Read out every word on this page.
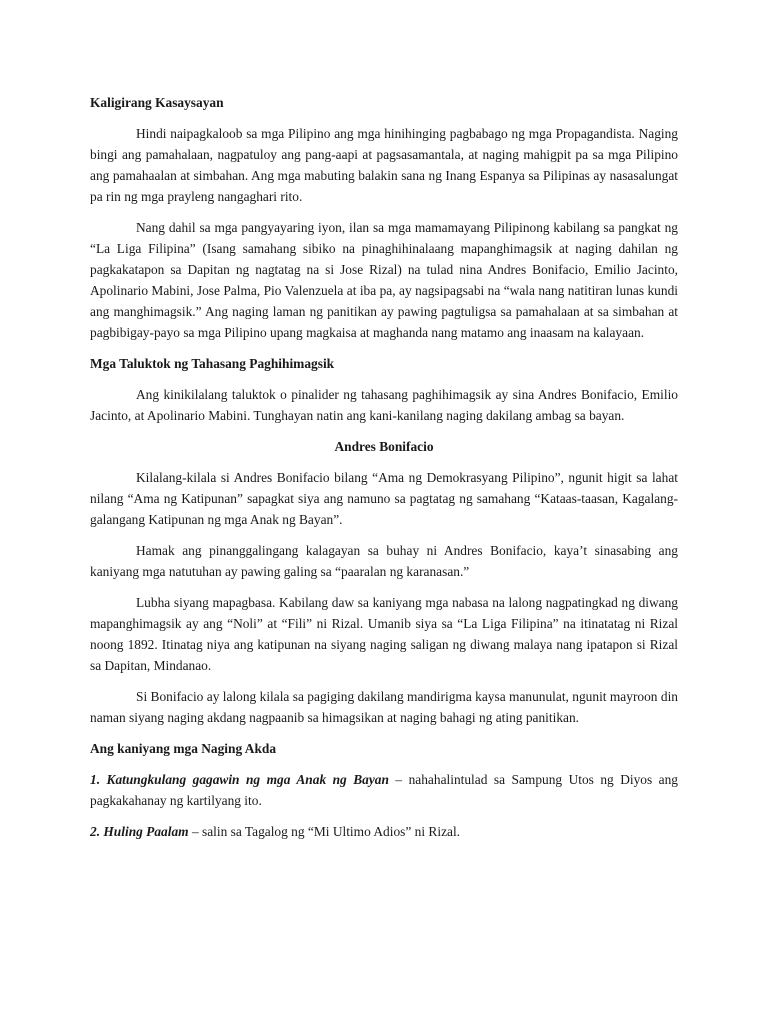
Kaligirang Kasaysayan

Hindi naipagkaloob sa mga Pilipino ang mga hinihinging pagbabago ng mga Propagandista. Naging bingi ang pamahalaan, nagpatuloy ang pang-aapi at pagsasamantala, at naging mahigpit pa sa mga Pilipino ang pamahaalan at simbahan. Ang mga mabuting balakin sana ng Inang Espanya sa Pilipinas ay nasasalungat pa rin ng mga prayleng nangaghari rito.

Nang dahil sa mga pangyayaring iyon, ilan sa mga mamamayang Pilipinong kabilang sa pangkat ng “La Liga Filipina” (Isang samahang sibiko na pinaghihinalaang mapanghimagsik at naging dahilan ng pagkakatapon sa Dapitan ng nagtatag na si Jose Rizal) na tulad nina Andres Bonifacio, Emilio Jacinto, Apolinario Mabini, Jose Palma, Pio Valenzuela at iba pa, ay nagsipagsabi na “wala nang natitiran lunas kundi ang manghimagsik.” Ang naging laman ng panitikan ay pawing pagtuligsa sa pamahalaan at sa simbahan at pagbibigay-payo sa mga Pilipino upang magkaisa at maghanda nang matamo ang inaasam na kalayaan.

Mga Taluktok ng Tahasang Paghihimagsik

Ang kinikilalang taluktok o pinalider ng tahasang paghihimagsik ay sina Andres Bonifacio, Emilio Jacinto, at Apolinario Mabini. Tunghayan natin ang kani-kanilang naging dakilang ambag sa bayan.

Andres Bonifacio

Kilalang-kilala si Andres Bonifacio bilang “Ama ng Demokrasyang Pilipino”, ngunit higit sa lahat nilang “Ama ng Katipunan” sapagkat siya ang namuno sa pagtatag ng samahang “Kataas-taasan, Kagalang-galangang Katipunan ng mga Anak ng Bayan”.

Hamak ang pinanggalingang kalagayan sa buhay ni Andres Bonifacio, kaya’t sinasabing ang kaniyang mga natutuhan ay pawing galing sa “paaralan ng karanasan.”

Lubha siyang mapagbasa. Kabilang daw sa kaniyang mga nabasa na lalong nagpatingkad ng diwang mapanghimagsik ay ang “Noli” at “Fili” ni Rizal. Umanib siya sa “La Liga Filipina” na itinatatag ni Rizal noong 1892. Itinatag niya ang katipunan na siyang naging saligan ng diwang malaya nang ipatapon si Rizal sa Dapitan, Mindanao.

Si Bonifacio ay lalong kilala sa pagiging dakilang mandirigma kaysa manunulat, ngunit mayroon din naman siyang naging akdang nagpaanib sa himagsikan at naging bahagi ng ating panitikan.

Ang kaniyang mga Naging Akda

1. Katungkulang gagawin ng mga Anak ng Bayan – nahahalintulad sa Sampung Utos ng Diyos ang pagkakahanay ng kartilyang ito.

2. Huling Paalam – salin sa Tagalog ng “Mi Ultimo Adios” ni Rizal.
